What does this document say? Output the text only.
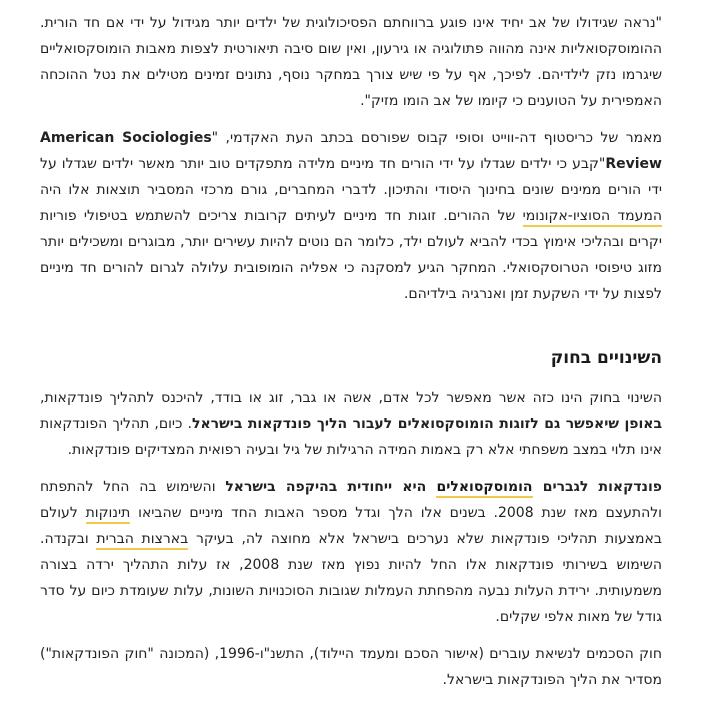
"נראה שגידולו של אב יחיד אינו פוגע ברווחתם הפסיכולוגית של ילדים יותר מגידול על ידי אם חד הורית. ההומוסקסואליות אינה מהווה פתולוגיה או גירעון, ואין שום סיבה תיאורטית לצפות מאבות הומוסקסואליים שיגרמו נזק לילדיהם. לפיכך, אף על פי שיש צורך במחקר נוסף, נתונים זמינים מטילים את נטל ההוכחה האמפירית על הטוענים כי קיומו של אב הומו מזיק".

מאמר של כריסטוף דה-ווייט וסופי קבוס שפורסם בכתב העת האקדמי, "American Sociologies Review"קבע כי ילדים שגדלו על ידי הורים חד מיניים מלידה מתפקדים טוב יותר מאשר ילדים שגדלו על ידי הורים ממינים שונים בחינוך היסודי והתיכון. לדברי המחברים, גורם מרכזי המסביר תוצאות אלו היה המעמד הסוציו-אקונומי של ההורים. זוגות חד מיניים לעיתים קרובות צריכים להשתמש בטיפולי פוריות יקרים ובהליכי אימוץ בכדי להביא לעולם ילד, כלומר הם נוטים להיות עשירים יותר, מבוגרים ומשכילים יותר מזוג טיפוסי הטרוסקסואלי. המחקר הגיע למסקנה כי אפליה הומופובית עלולה לגרום להורים חד מיניים לפצות על ידי השקעת זמן ואנרגיה בילדיהם.

השינויים בחוק

השינוי בחוק הינו כזה אשר מאפשר לכל אדם, אשה או גבר, זוג או בודד, להיכנס לתהליך פונדקאות, באופן שיאפשר גם לזוגות הומוסקסואלים לעבור הליך פונדקאות בישראל. כיום, תהליך הפונדקאות אינו תלוי במצב משפחתי אלא רק באמות המידה הרגילות של גיל ובעיה רפואית המצדיקים פונדקאות.

פונדקאות לגברים הומוסקסואלים היא ייחודית בהיקפה בישראל והשימוש בה החל להתפתח ולהתעצם מאז שנת 2008. בשנים אלו הלך וגדל מספר האבות החד מיניים שהביאו תינוקות לעולם באמצעות תהליכי פונדקאות שלא נערכים בישראל אלא מחוצה לה, בעיקר בארצות הברית ובקנדה. השימוש בשירותי פונדקאות אלו החל להיות נפוץ מאז שנת 2008, אז עלות התהליך ירדה בצורה משמעותית. ירידת העלות נבעה מהפחתת העמלות שגובות הסוכנויות השונות, עלות שעומדת כיום על סדר גודל של מאות אלפי שקלים.

חוק הסכמים לנשיאת עוברים (אישור הסכם ומעמד היילוד), התשנ"ו-1996, (המכונה "חוק הפונדקאות") מסדיר את הליך הפונדקאות בישראל.
